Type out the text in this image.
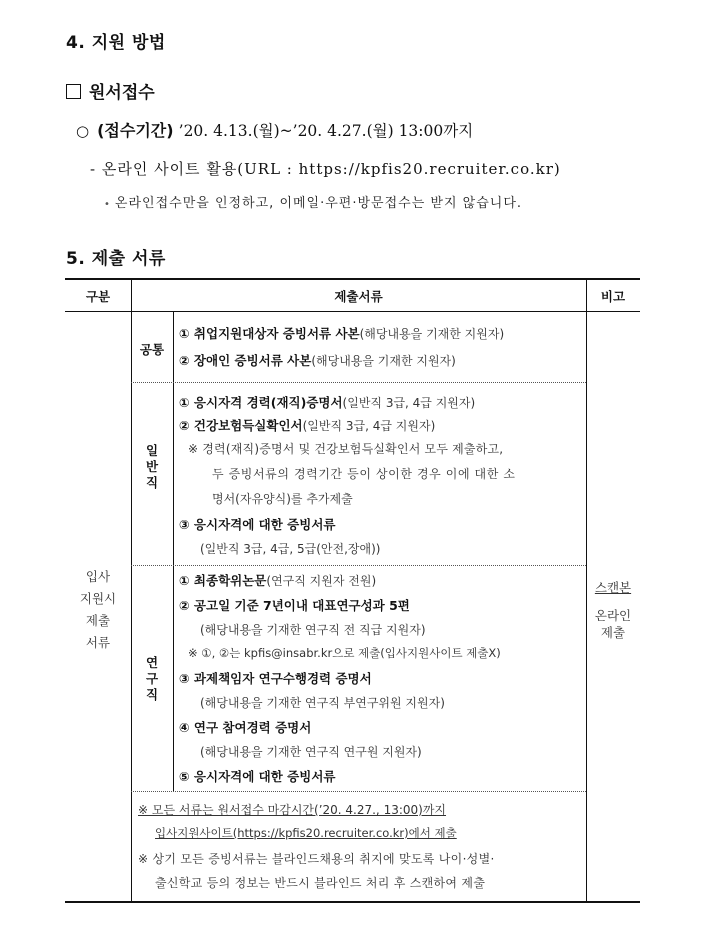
4. 지원 방법
원서접수
○ (접수기간) ’20. 4.13.(월)~’20. 4.27.(월) 13:00까지
- 온라인 사이트 활용(URL : https://kpfis20.recruiter.co.kr)
• 온라인접수만을 인정하고, 이메일·우편·방문접수는 받지 않습니다.
5. 제출 서류
구분	제출서류	비고
입사
지원시
제출
서류
공통
① 취업지원대상자 증빙서류 사본(해당내용을 기재한 지원자)
② 장애인 증빙서류 사본(해당내용을 기재한 지원자)
일
반
직
① 응시자격 경력(재직)증명서(일반직 3급, 4급 지원자)
② 건강보험득실확인서(일반직 3급, 4급 지원자)
※ 경력(재직)증명서 및 건강보험득실확인서 모두 제출하고,
두 증빙서류의 경력기간 등이 상이한 경우 이에 대한 소
명서(자유양식)를 추가제출
③ 응시자격에 대한 증빙서류
(일반직 3급, 4급, 5급(안전,장애))
연
구
직
① 최종학위논문(연구직 지원자 전원)
② 공고일 기준 7년이내 대표연구성과 5편
(해당내용을 기재한 연구직 전 직급 지원자)
※ ①, ②는 kpfis@insabr.kr으로 제출(입사지원사이트 제출X)
③ 과제책임자 연구수행경력 증명서
(해당내용을 기재한 연구직 부연구위원 지원자)
④ 연구 참여경력 증명서
(해당내용을 기재한 연구직 연구원 지원자)
⑤ 응시자격에 대한 증빙서류
※ 모든 서류는 원서접수 마감시간(’20. 4.27., 13:00)까지
입사지원사이트(https://kpfis20.recruiter.co.kr)에서 제출
※ 상기 모든 증빙서류는 블라인드채용의 취지에 맞도록 나이·성별·
출신학교 등의 정보는 반드시 블라인드 처리 후 스캔하여 제출
스캔본
온라인
제출
